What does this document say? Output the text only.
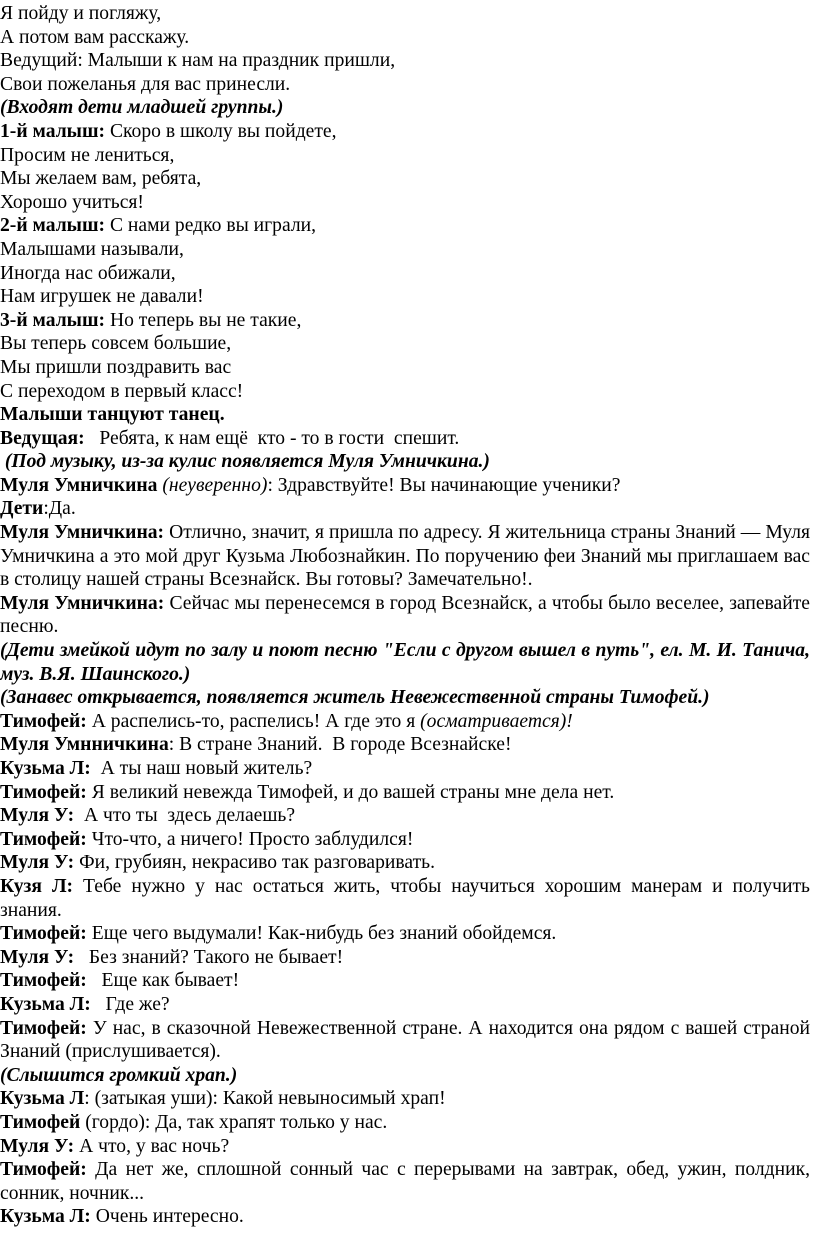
Я пойду и погляжу,
А потом вам расскажу.
Ведущий: Малыши к нам на праздник пришли,
Свои пожеланья для вас принесли.
(Входят дети младшей группы.)
1-й малыш: Скоро в школу вы пойдете,
Просим не лениться,
Мы желаем вам, ребята,
Хорошо учиться!
2-й малыш: С нами редко вы играли,
Малышами называли,
Иногда нас обижали,
Нам игрушек не давали!
3-й малыш: Но теперь вы не такие,
Вы теперь совсем большие,
Мы пришли поздравить вас
С переходом в первый класс!
Малыши танцуют танец.
Ведущая:   Ребята, к нам ещё  кто - то в гости  спешит.
(Под музыку, из-за кулис появляется Муля Умничкина.)
Муля Умничкина (неуверенно): Здравствуйте! Вы начинающие ученики?
Дети:Да.
Муля Умничкина: Отлично, значит, я пришла по адресу. Я жительница страны Знаний — Муля Умничкина а это мой друг Кузьма Любознайкин. По поручению феи Знаний мы приглашаем вас в столицу нашей страны Всезнайск. Вы готовы? Замечательно!.
Муля Умничкина: Сейчас мы перенесемся в город Всезнайск, а чтобы было веселее, запевайте песню.
(Дети змейкой идут по залу и поют песню "Если с другом вышел в путь", ел. М. И. Танича, муз. В.Я. Шаинского.)
(Занавес открывается, появляется житель Невежественной страны Тимофей.)
Тимофей: А распелись-то, распелись! А где это я (осматривается)!
Муля Умнничкина: В стране Знаний.  В городе Всезнайске!
Кузьма Л:  А ты наш новый житель?
Тимофей: Я великий невежда Тимофей, и до вашей страны мне дела нет.
Муля У:  А что ты  здесь делаешь?
Тимофей: Что-что, а ничего! Просто заблудился!
Муля У: Фи, грубиян, некрасиво так разговаривать.
Кузя Л: Тебе нужно у нас остаться жить, чтобы научиться хорошим манерам и получить знания.
Тимофей: Еще чего выдумали! Как-нибудь без знаний обойдемся.
Муля У:   Без знаний? Такого не бывает!
Тимофей:   Еще как бывает!
Кузьма Л:   Где же?
Тимофей: У нас, в сказочной Невежественной стране. А находится она рядом с вашей страной Знаний (прислушивается).
(Слышится громкий храп.)
Кузьма Л: (затыкая уши): Какой невыносимый храп!
Тимофей (гордо): Да, так храпят только у нас.
Муля У: А что, у вас ночь?
Тимофей: Да нет же, сплошной сонный час с перерывами на завтрак, обед, ужин, полдник, сонник, ночник...
Кузьма Л: Очень интересно.
